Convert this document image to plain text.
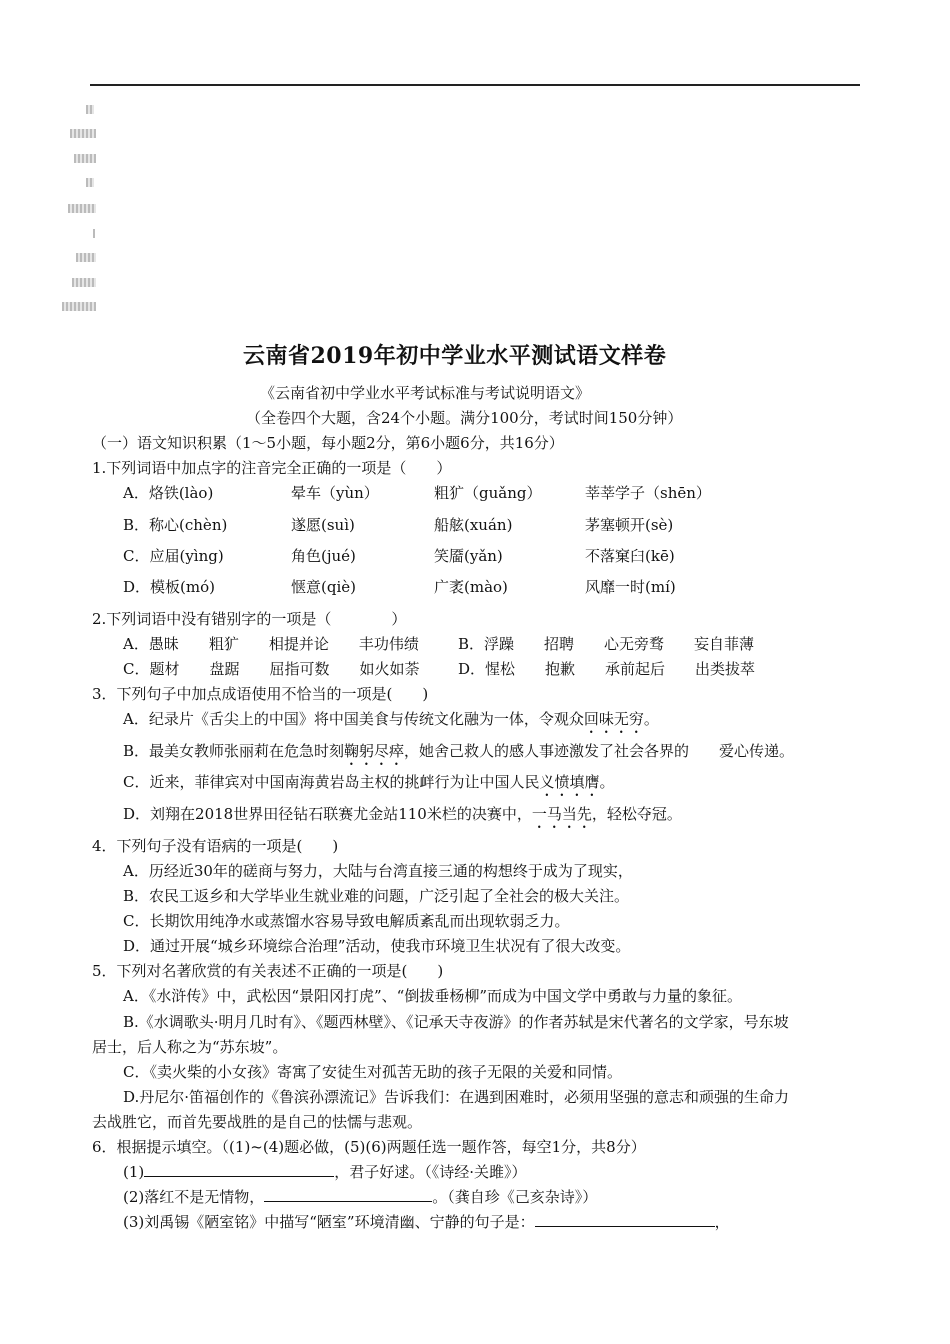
云南省2019年初中学业水平测试语文样卷
《云南省初中学业水平考试标准与考试说明语文》
（全卷四个大题，含24个小题。满分100分，考试时间150分钟）
（一）语文知识积累（1～5小题，每小题2分，第6小题6分，共16分）
1.下列词语中加点字的注音完全正确的一项是（　　）
A．烙铁(lào)	晕车（yùn）	粗犷（guǎng）	莘莘学子（shēn）
B．称心(chèn)	遂愿(suì)	船舷(xuán)	茅塞顿开(sè)
C．应届(yìng)	角色(jué)	笑靥(yǎn)	不落窠臼(kē)
D．模板(mó)	惬意(qiè)	广袤(mào)	风靡一时(mí)
2.下列词语中没有错别字的一项是（　　　　）
A．愚昧　　粗犷　　相提并论　　丰功伟绩	B．浮躁　　招聘　　心无旁骛　　妄自菲薄
C．题材　　盘踞　　屈指可数　　如火如荼	D．惺松　　抱歉　　承前起后　　出类拔萃
3．下列句子中加点成语使用不恰当的一项是(　　)
A．纪录片《舌尖上的中国》将中国美食与传统文化融为一体，令观众回味无穷。
B．最美女教师张丽莉在危急时刻鞠躬尽瘁，她舍己救人的感人事迹激发了社会各界的　　爱心传递。
C．近来，菲律宾对中国南海黄岩岛主权的挑衅行为让中国人民义愤填膺。
D．刘翔在2018世界田径钻石联赛尤金站110米栏的决赛中，一马当先，轻松夺冠。
4．下列句子没有语病的一项是(　　)
A．历经近30年的磋商与努力，大陆与台湾直接三通的构想终于成为了现实，
B．农民工返乡和大学毕业生就业难的问题，广泛引起了全社会的极大关注。
C．长期饮用纯净水或蒸馏水容易导致电解质紊乱而出现软弱乏力。
D．通过开展“城乡环境综合治理”活动，使我市环境卫生状况有了很大改变。
5．下列对名著欣赏的有关表述不正确的一项是(　　)
A．《水浒传》中，武松因“景阳冈打虎”、“倒拔垂杨柳”而成为中国文学中勇敢与力量的象征。
B.《水调歌头·明月几时有》、《题西林壁》、《记承天寺夜游》的作者苏轼是宋代著名的文学家，号东坡
居士，后人称之为“苏东坡”。
C．《卖火柴的小女孩》寄寓了安徒生对孤苦无助的孩子无限的关爱和同情。
D.丹尼尔·笛福创作的《鲁滨孙漂流记》告诉我们：在遇到困难时，必须用坚强的意志和顽强的生命力
去战胜它，而首先要战胜的是自己的怯懦与悲观。
6．根据提示填空。（(1)~(4)题必做，(5)(6)两题任选一题作答，每空1分，共8分）
(1)	，君子好逑。（《诗经·关雎》）
(2)落红不是无情物，	。（龚自珍《己亥杂诗》）
(3)刘禹锡《陋室铭》中描写“陋室”环境清幽、宁静的句子是：	，
